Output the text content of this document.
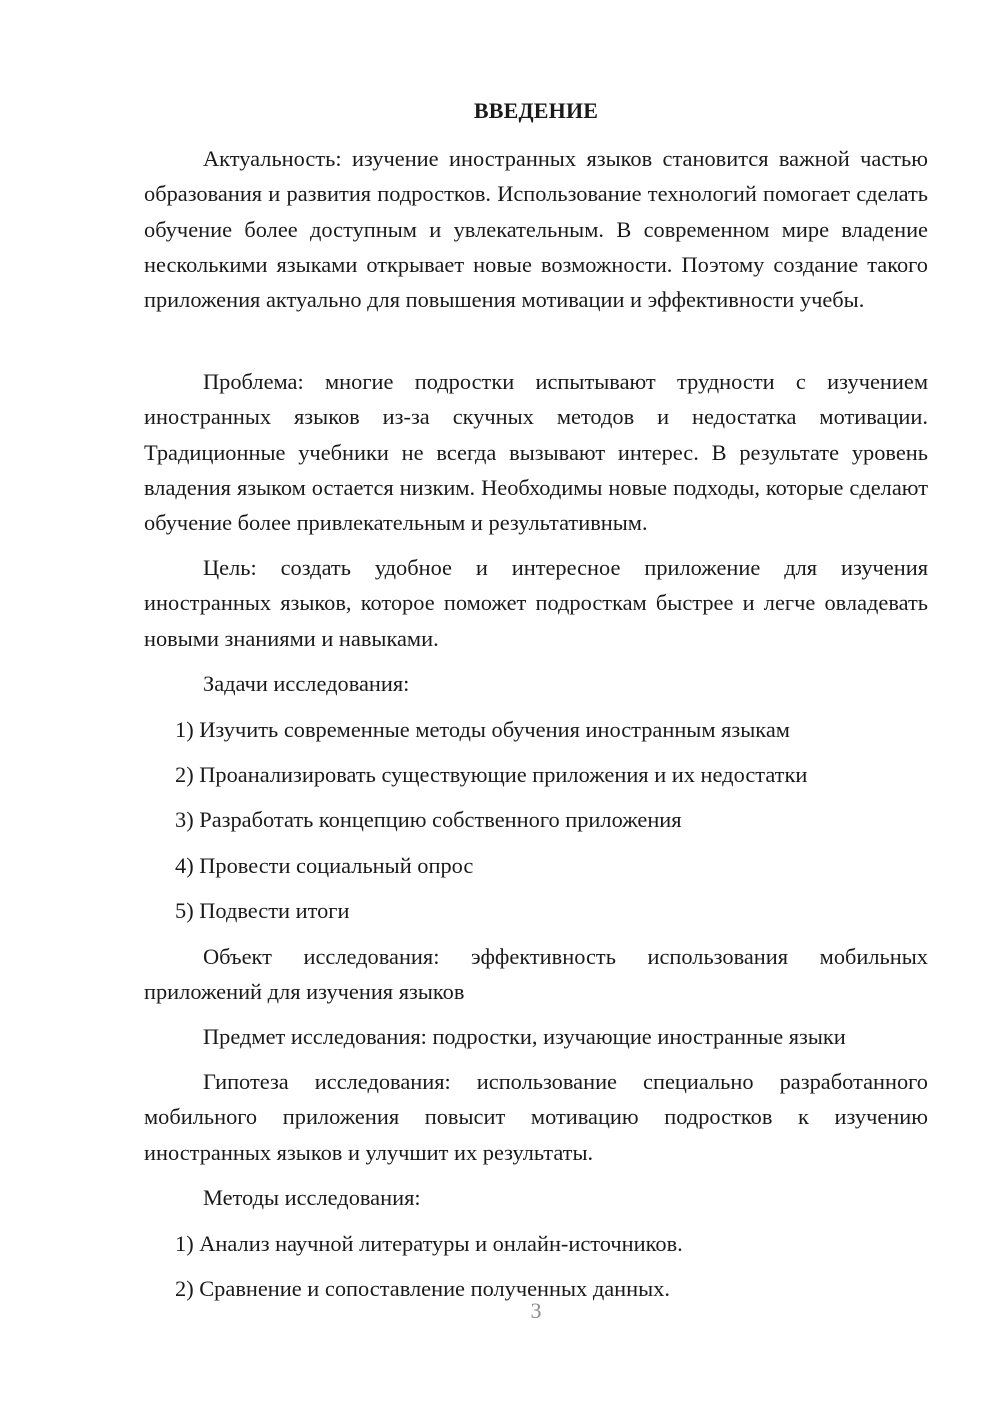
ВВЕДЕНИЕ

Актуальность: изучение иностранных языков становится важной частью образования и развития подростков. Использование технологий помогает сделать обучение более доступным и увлекательным. В современном мире владение несколькими языками открывает новые возможности. Поэтому создание такого приложения актуально для повышения мотивации и эффективности учебы.

Проблема: многие подростки испытывают трудности с изучением иностранных языков из-за скучных методов и недостатка мотивации. Традиционные учебники не всегда вызывают интерес. В результате уровень владения языком остается низким. Необходимы новые подходы, которые сделают обучение более привлекательным и результативным.

Цель: создать удобное и интересное приложение для изучения иностранных языков, которое поможет подросткам быстрее и легче овладевать новыми знаниями и навыками.

Задачи исследования:

1) Изучить современные методы обучения иностранным языкам

2) Проанализировать существующие приложения и их недостатки

3) Разработать концепцию собственного приложения

4) Провести социальный опрос

5) Подвести итоги

Объект исследования: эффективность использования мобильных приложений для изучения языков

Предмет исследования: подростки, изучающие иностранные языки

Гипотеза исследования: использование специально разработанного мобильного приложения повысит мотивацию подростков к изучению иностранных языков и улучшит их результаты.

Методы исследования:

1) Анализ научной литературы и онлайн-источников.

2) Сравнение и сопоставление полученных данных.

3
